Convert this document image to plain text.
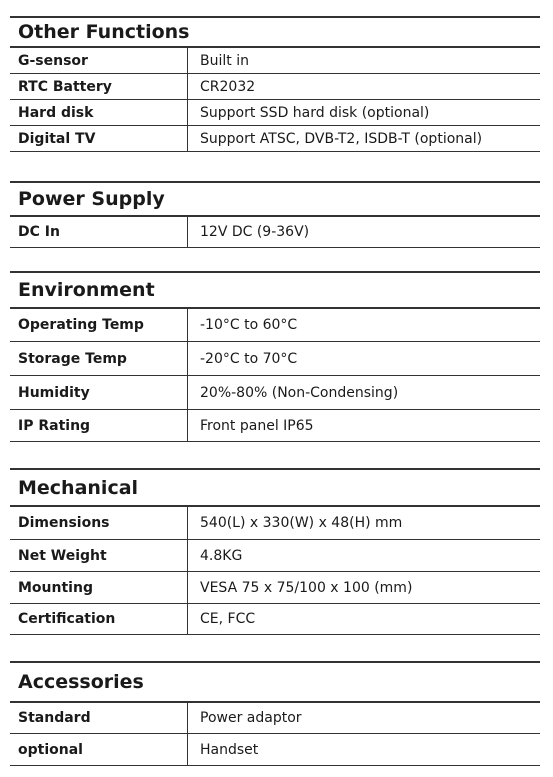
Other Functions
G-sensor	Built in
RTC Battery	CR2032
Hard disk	Support SSD hard disk (optional)
Digital TV	Support ATSC, DVB-T2, ISDB-T (optional)
Power Supply
DC In	12V DC (9-36V)
Environment
Operating Temp	-10°C to 60°C
Storage Temp	-20°C to 70°C
Humidity	20%-80% (Non-Condensing)
IP Rating	Front panel IP65
Mechanical
Dimensions	540(L) x 330(W) x 48(H) mm
Net Weight	4.8KG
Mounting	VESA 75 x 75/100 x 100 (mm)
Certification	CE, FCC
Accessories
Standard	Power adaptor
optional	Handset
